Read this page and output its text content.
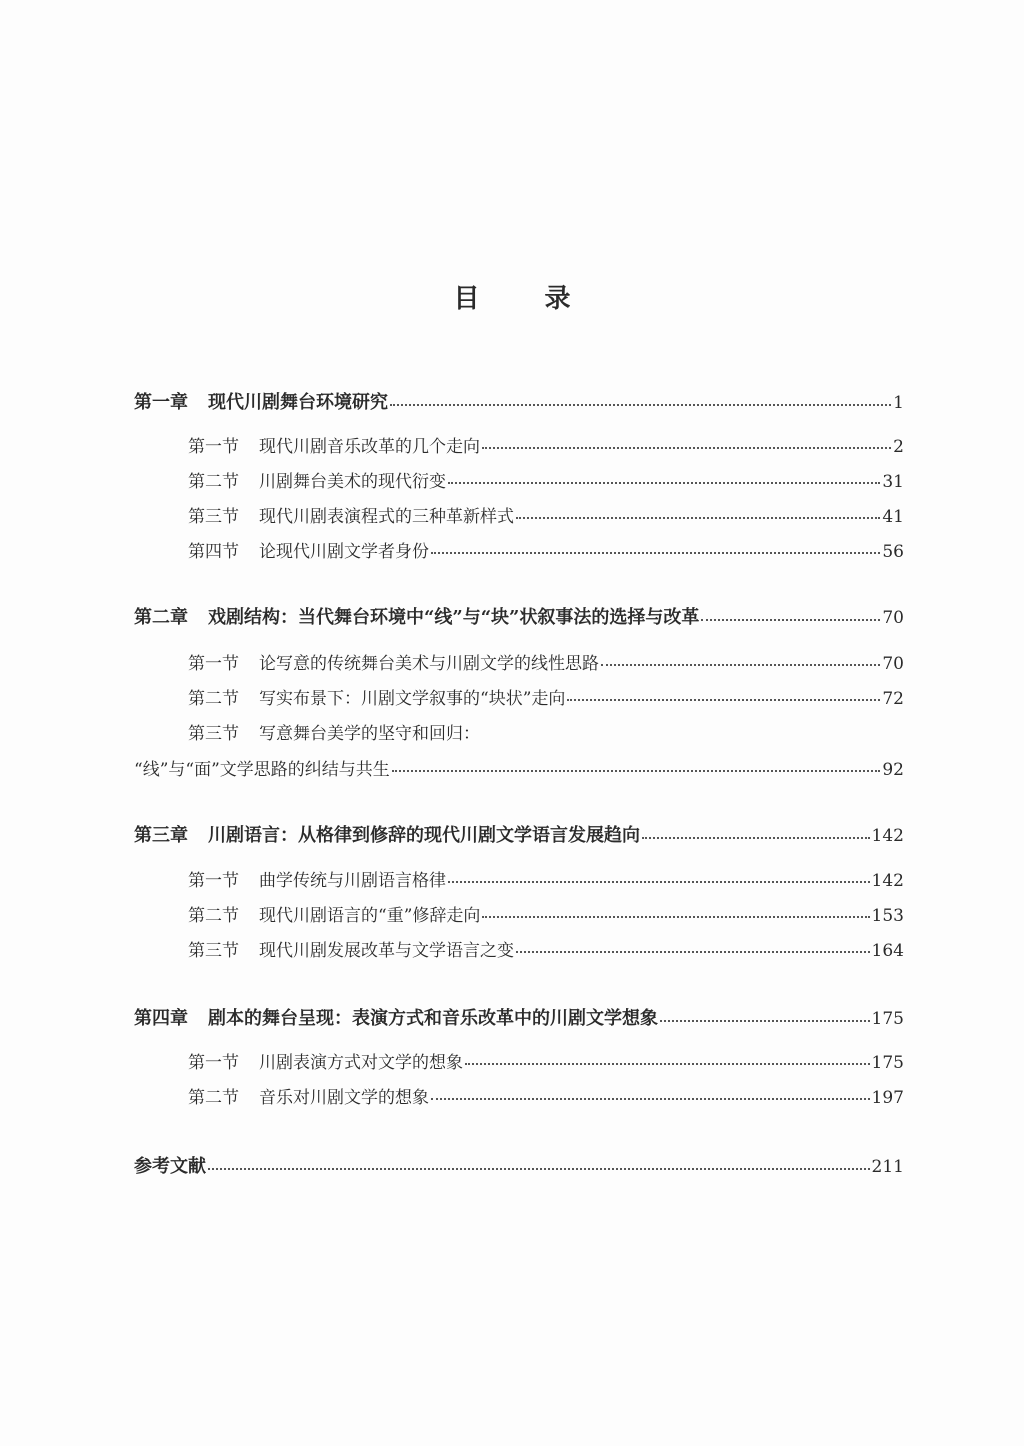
目 录
第一章 现代川剧舞台环境研究	1
第一节 现代川剧音乐改革的几个走向	2
第二节 川剧舞台美术的现代衍变	31
第三节 现代川剧表演程式的三种革新样式	41
第四节 论现代川剧文学者身份	56
第二章 戏剧结构：当代舞台环境中“线”与“块”状叙事法的选择与改革	70
第一节 论写意的传统舞台美术与川剧文学的线性思路	70
第二节 写实布景下：川剧文学叙事的“块状”走向	72
第三节 写意舞台美学的坚守和回归：
“线”与“面”文学思路的纠结与共生	92
第三章 川剧语言：从格律到修辞的现代川剧文学语言发展趋向	142
第一节 曲学传统与川剧语言格律	142
第二节 现代川剧语言的“重”修辞走向	153
第三节 现代川剧发展改革与文学语言之变	164
第四章 剧本的舞台呈现：表演方式和音乐改革中的川剧文学想象	175
第一节 川剧表演方式对文学的想象	175
第二节 音乐对川剧文学的想象	197
参考文献	211
